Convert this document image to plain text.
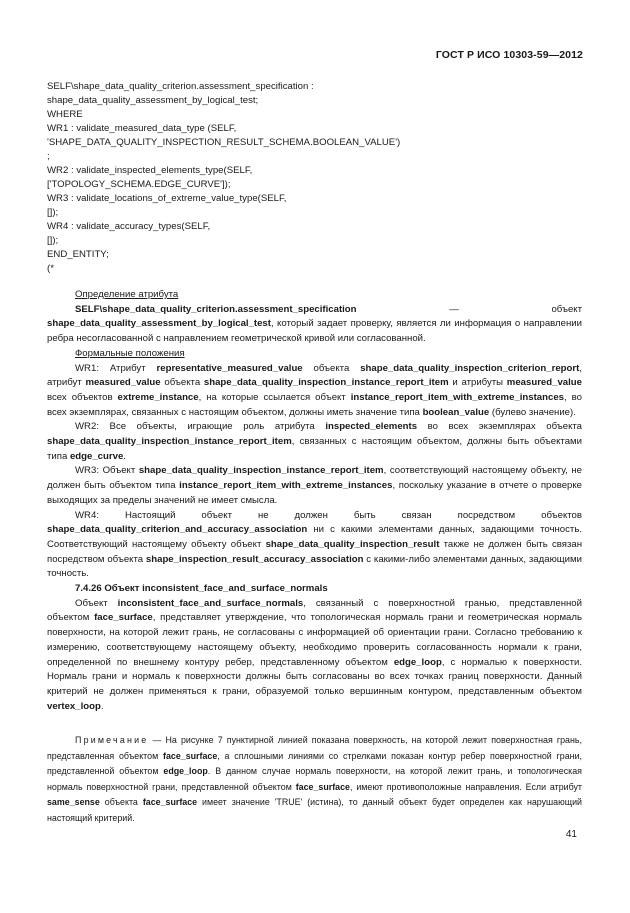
ГОСТ Р ИСО 10303-59—2012
SELF\shape_data_quality_criterion.assessment_specification :
shape_data_quality_assessment_by_logical_test;
WHERE
WR1 : validate_measured_data_type (SELF,
'SHAPE_DATA_QUALITY_INSPECTION_RESULT_SCHEMA.BOOLEAN_VALUE')
;
WR2 : validate_inspected_elements_type(SELF,
['TOPOLOGY_SCHEMA.EDGE_CURVE']);
WR3 : validate_locations_of_extreme_value_type(SELF,
[]);
WR4 : validate_accuracy_types(SELF,
[]);
END_ENTITY;
(*

Определение атрибута

SELF\shape_data_quality_criterion.assessment_specification — объект shape_data_quality_assessment_by_logical_test, который задает проверку, является ли информация о направлении ребра несогласованной с направлением геометрической кривой или согласованной.

Формальные положения

WR1: Атрибут representative_measured_value объекта shape_data_quality_inspection_criterion_report, атрибут measured_value объекта shape_data_quality_inspection_instance_report_item и атрибуты measured_value всех объектов extreme_instance, на которые ссылается объект instance_report_item_with_extreme_instances, во всех экземплярах, связанных с настоящим объектом, должны иметь значение типа boolean_value (булево значение).

WR2: Все объекты, играющие роль атрибута inspected_elements во всех экземплярах объекта shape_data_quality_inspection_instance_report_item, связанных с настоящим объектом, должны быть объектами типа edge_curve.

WR3: Объект shape_data_quality_inspection_instance_report_item, соответствующий настоящему объекту, не должен быть объектом типа instance_report_item_with_extreme_instances, поскольку указание в отчете о проверке выходящих за пределы значений не имеет смысла.

WR4: Настоящий объект не должен быть связан посредством объектов shape_data_quality_criterion_and_accuracy_association ни с какими элементами данных, задающими точность. Соответствующий настоящему объекту объект shape_data_quality_inspection_result также не должен быть связан посредством объекта shape_inspection_result_accuracy_association с какими-либо элементами данных, задающими точность.

7.4.26 Объект inconsistent_face_and_surface_normals

Объект inconsistent_face_and_surface_normals, связанный с поверхностной гранью, представленной объектом face_surface, представляет утверждение, что топологическая нормаль грани и геометрическая нормаль поверхности, на которой лежит грань, не согласованы с информацией об ориентации грани. Согласно требованию к измерению, соответствующему настоящему объекту, необходимо проверить согласованность нормали к грани, определенной по внешнему контуру ребер, представленному объектом edge_loop, с нормалью к поверхности. Нормаль грани и нормаль к поверхности должны быть согласованы во всех точках границ поверхности. Данный критерий не должен применяться к грани, образуемой только вершинным контуром, представленным объектом vertex_loop.

Примечание — На рисунке 7 пунктирной линией показана поверхность, на которой лежит поверхностная грань, представленная объектом face_surface, а сплошными линиями со стрелками показан контур ребер поверхностной грани, представленной объектом edge_loop. В данном случае нормаль поверхности, на которой лежит грань, и топологическая нормаль поверхностной грани, представленной объектом face_surface, имеют противоположные направления. Если атрибут same_sense объекта face_surface имеет значение 'TRUE' (истина), то данный объект будет определен как нарушающий настоящий критерий.

41
